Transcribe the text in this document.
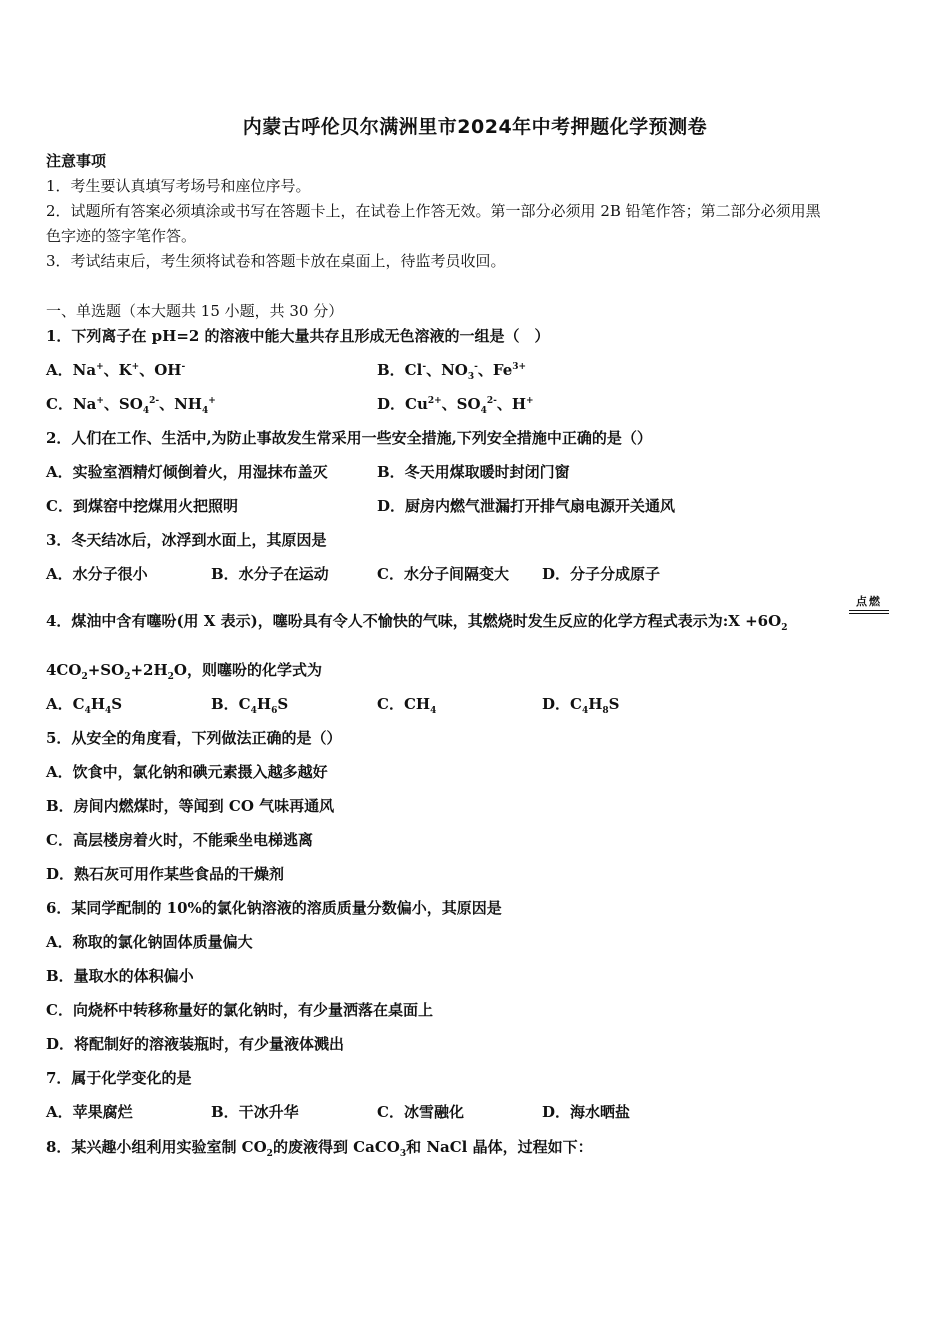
内蒙古呼伦贝尔满洲里市2024年中考押题化学预测卷
注意事项
1．考生要认真填写考场号和座位序号。
2．试题所有答案必须填涂或书写在答题卡上，在试卷上作答无效。第一部分必须用 2B 铅笔作答；第二部分必须用黑
色字迹的签字笔作答。
3．考试结束后，考生须将试卷和答题卡放在桌面上，待监考员收回。
一、单选题（本大题共 15 小题，共 30 分）
1．下列离子在 pH=2 的溶液中能大量共存且形成无色溶液的一组是（　）
A．Na+、K+、OH-	B．Cl-、$NO_3^-$、$Fe^{3+}$
C．Na+、$SO_4^{2-}$、$NH_4^+$	D．$Cu^{2+}$、$SO_4^{2-}$、H+
2．人们在工作、生活中,为防止事故发生常采用一些安全措施,下列安全措施中正确的是（）
A．实验室酒精灯倾倒着火，用湿抹布盖灭	B．冬天用煤取暖时封闭门窗
C．到煤窑中挖煤用火把照明	D．厨房内燃气泄漏打开排气扇电源开关通风
3．冬天结冰后，冰浮到水面上，其原因是
A．水分子很小	B．水分子在运动	C．水分子间隔变大 D．分子分成原子
4．煤油中含有噻吩(用 X 表示)，噻吩具有令人不愉快的气味，其燃烧时发生反应的化学方程式表示为:X $+6O_2$
点燃
$4CO_2+SO_2+2H_2O$，则噻吩的化学式为
A．$C_4H_4S$	B．$C_4H_6S$	C．$CH_4$	D．$C_4H_8S$
5．从安全的角度看，下列做法正确的是（）
A．饮食中，氯化钠和碘元素摄入越多越好
B．房间内燃煤时，等闻到 CO 气味再通风
C．高层楼房着火时，不能乘坐电梯逃离
D．熟石灰可用作某些食品的干燥剂
6．某同学配制的 10%的氯化钠溶液的溶质质量分数偏小，其原因是
A．称取的氯化钠固体质量偏大
B．量取水的体积偏小
C．向烧杯中转移称量好的氯化钠时，有少量洒落在桌面上
D．将配制好的溶液装瓶时，有少量液体溅出
7．属于化学变化的是
A．苹果腐烂	B．干冰升华	C．冰雪融化	D．海水晒盐
8．某兴趣小组利用实验室制 $CO_2$的废液得到 CaCO$_3$和 NaCl 晶体，过程如下：
